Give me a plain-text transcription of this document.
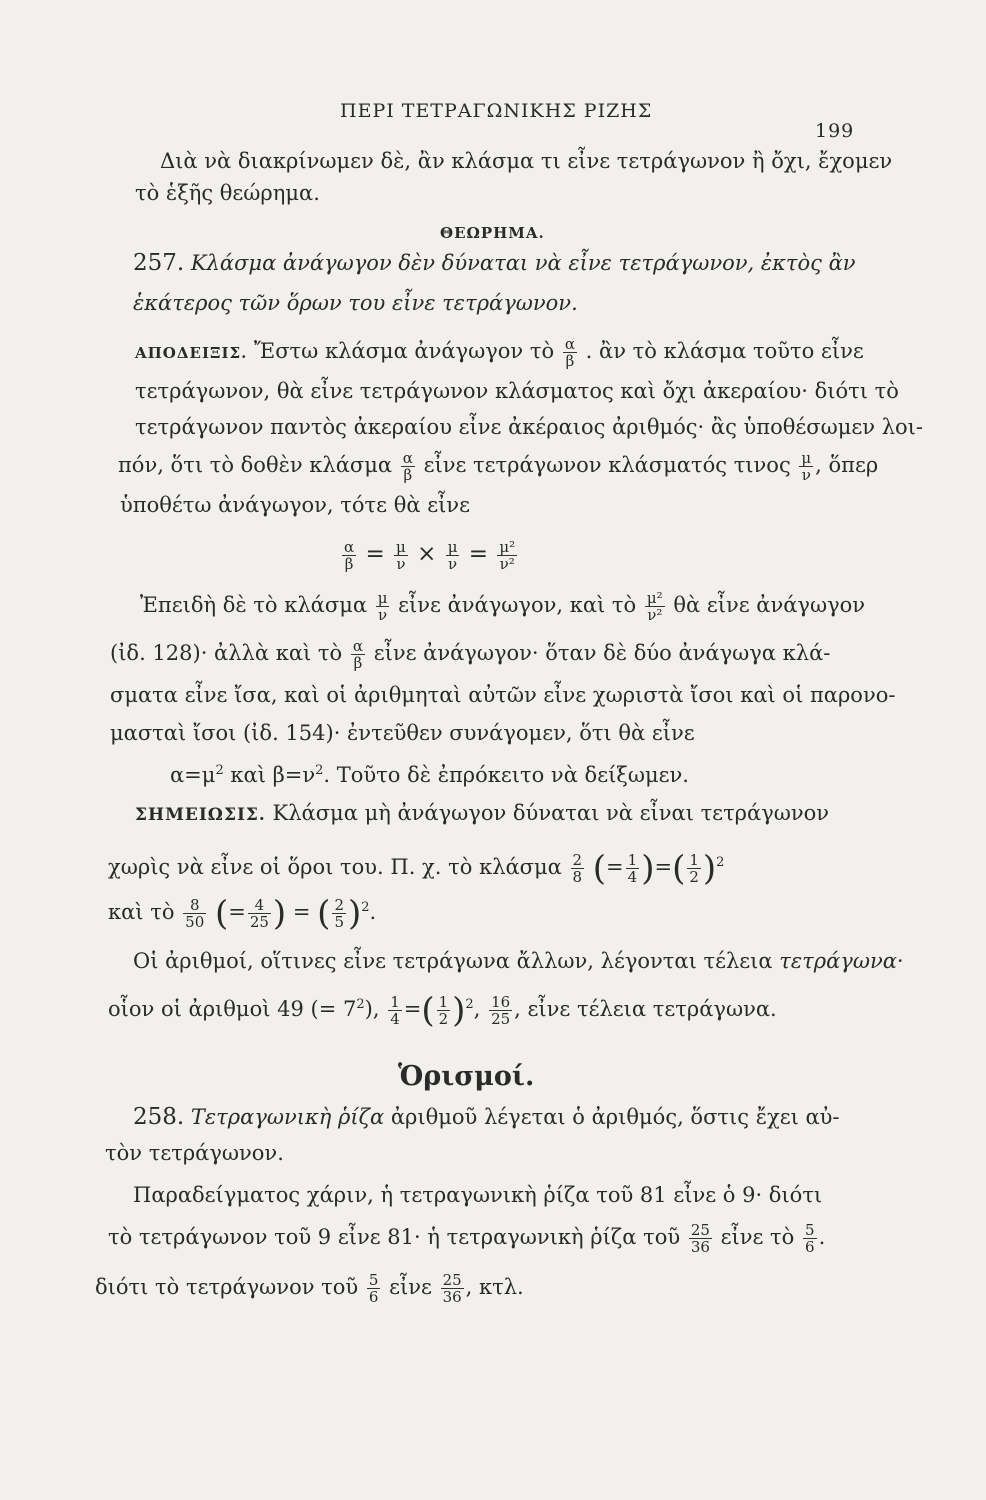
ΠΕΡΙ ΤΕΤΡΑΓΩΝΙΚΗΣ ΡΙΖΗΣ
199
Διὰ νὰ διακρίνωμεν δὲ, ἂν κλάσμα τι εἶνε τετράγωνον ἢ ὄχι, ἔχομεν
τὸ ἑξῆς θεώρημα.
ΘΕΩΡΗΜΑ.
257. Κλάσμα ἀνάγωγον δὲν δύναται νὰ εἶνε τετράγωνον, ἐκτὸς ἂν
ἑκάτερος τῶν ὅρων του εἶνε τετράγωνον.
ΑΠΟΔΕΙΞΙΣ. Ἔστω κλάσμα ἀνάγωγον τὸ $\frac{\alpha}{\beta}$ . ἂν τὸ κλάσμα τοῦτο εἶνε
τετράγωνον, θὰ εἶνε τετράγωνον κλάσματος καὶ ὄχι ἀκεραίου· διότι τὸ
τετράγωνον παντὸς ἀκεραίου εἶνε ἀκέραιος ἀριθμός· ἂς ὑποθέσωμεν λοι-
πόν, ὅτι τὸ δοθὲν κλάσμα $\frac{\alpha}{\beta}$ εἶνε τετράγωνον κλάσματός τινος $\frac{\mu}{\nu}$ , ὅπερ
ὑποθέτω ἀνάγωγον, τότε θὰ εἶνε
$\frac{\alpha}{\beta} = \frac{\mu}{\nu} \times \frac{\mu}{\nu} = \frac{\text{μ²}}{\text{ν²}}$
Ἐπειδὴ δὲ τὸ κλάσμα $\frac{\mu}{\nu}$ εἶνε ἀνάγωγον, καὶ τὸ $\frac{\text{μ²}}{\text{ν²}}$ θὰ εἶνε ἀνάγωγον
(ἰδ. 128)· ἀλλὰ καὶ τὸ $\frac{\alpha}{\beta}$ εἶνε ἀνάγωγον· ὅταν δὲ δύο ἀνάγωγα κλά-
σματα εἶνε ἴσα, καὶ οἱ ἀριθμηταὶ αὐτῶν εἶνε χωριστὰ ἴσοι καὶ οἱ παρονο-
μασταὶ ἴσοι (ἰδ. 154)· ἐντεῦθεν συνάγομεν, ὅτι θὰ εἶνε
$\alpha=\mu^2$ καὶ $\beta=\nu^2$. Τοῦτο δὲ ἐπρόκειτο νὰ δείξωμεν.
ΣΗΜΕΙΩΣΙΣ. Κλάσμα μὴ ἀνάγωγον δύναται νὰ εἶναι τετράγωνον
χωρὶς νὰ εἶνε οἱ ὅροι του. Π. χ. τὸ κλάσμα $\frac{2}{8}$ (= $\frac{1}{4}$ )=( $\frac{1}{2} )^2$
καὶ τὸ $\frac{8}{50}$ (= $\frac{4}{25}$ ) = ( $\frac{2}{5} )^2$.
Οἱ ἀριθμοί, οἵτινες εἶνε τετράγωνα ἄλλων, λέγονται τέλεια τετράγωνα·
οἷον οἱ ἀριθμοὶ 49 (= $7^2$), $\frac{1}{4}$ =( $\frac{1}{2} )^2$, $\frac{16}{25}$ , εἶνε τέλεια τετράγωνα.
Ὁρισμοί.
258. Τετραγωνικὴ ῥίζα ἀριθμοῦ λέγεται ὁ ἀριθμός, ὅστις ἔχει αὐ-
τὸν τετράγωνον.
Παραδείγματος χάριν, ἡ τετραγωνικὴ ῥίζα τοῦ 81 εἶνε ὁ 9· διότι
τὸ τετράγωνον τοῦ 9 εἶνε 81· ἡ τετραγωνικὴ ῥίζα τοῦ $\frac{25}{36}$ εἶνε τὸ $\frac{5}{6}$ .
διότι τὸ τετράγωνον τοῦ $\frac{5}{6}$ εἶνε $\frac{25}{36}$ , κτλ.
